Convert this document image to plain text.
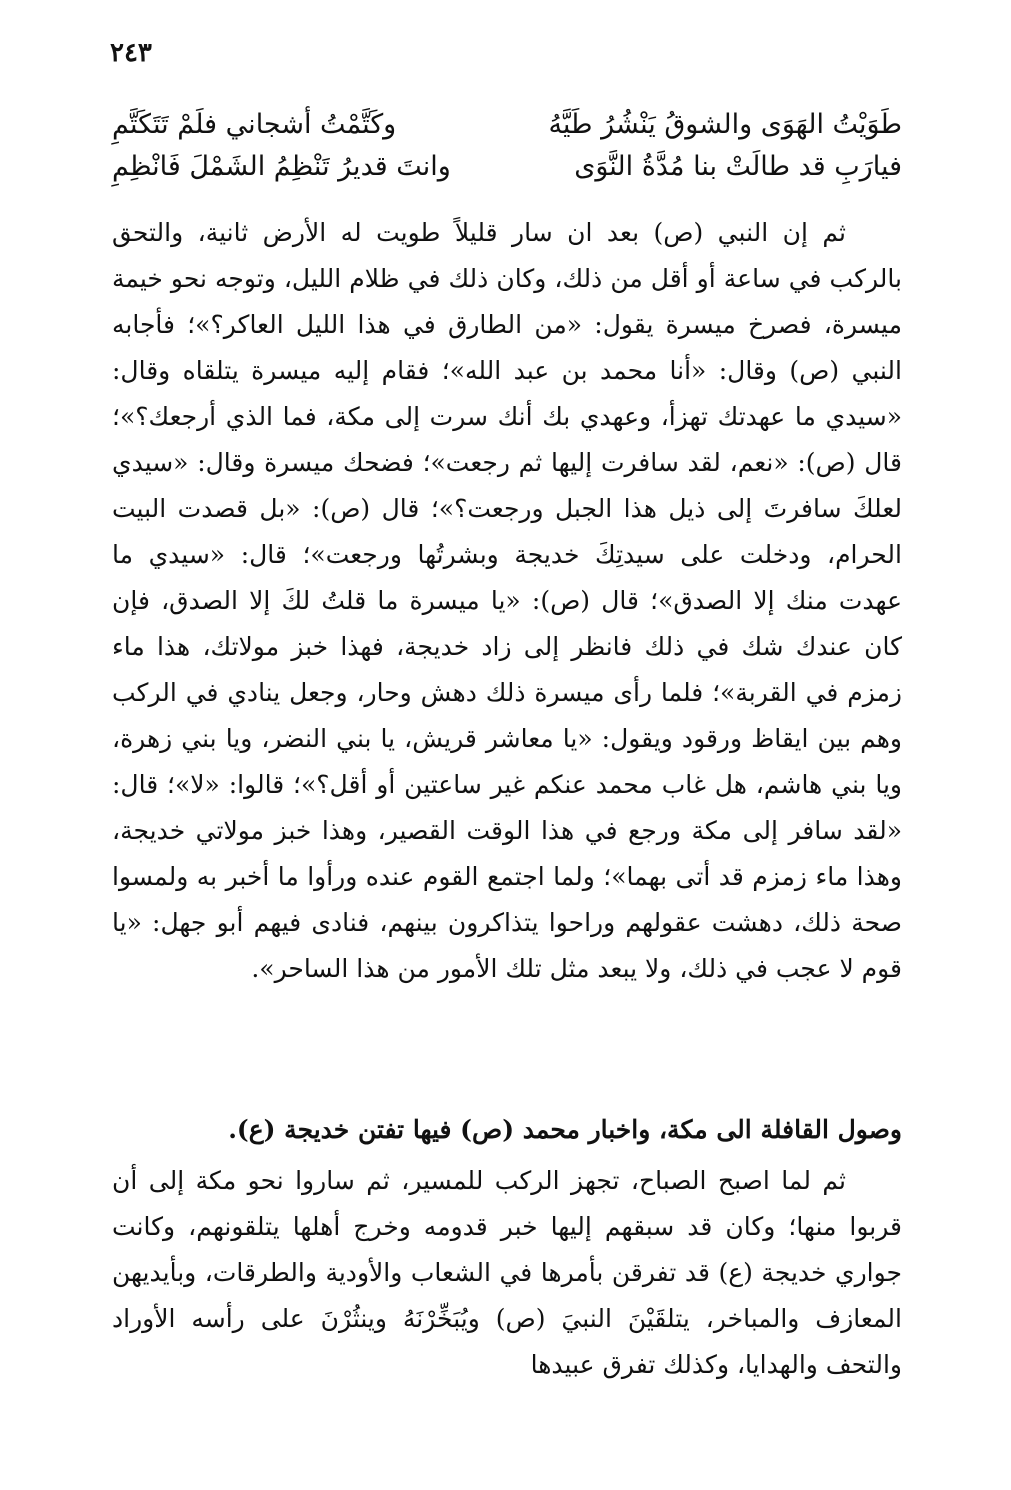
٢٤٣
طَوَيْتُ الهَوَى والشوقُ يَنْشُرُ طَيَّهُ
وكَتَّمْتُ أشجاني فلَمْ تَتَكَتَّمِ
فيارَبِ قد طالَتْ بنا مُدَّةُ النَّوَى
وانتَ قديرُ تَنْظِمُ الشَمْلَ فَانْظِمِ

ثم إن النبي (ص) بعد ان سار قليلاً طويت له الأرض ثانية، والتحق بالركب في ساعة أو أقل من ذلك، وكان ذلك في ظلام الليل، وتوجه نحو خيمة ميسرة، فصرخ ميسرة يقول: «من الطارق في هذا الليل العاكر؟»؛ فأجابه النبي (ص) وقال: «أنا محمد بن عبد الله»؛ فقام إليه ميسرة يتلقاه وقال: «سيدي ما عهدتك تهزأ، وعهدي بك أنك سرت إلى مكة، فما الذي أرجعك؟»؛ قال (ص): «نعم، لقد سافرت إليها ثم رجعت»؛ فضحك ميسرة وقال: «سيدي لعلكَ سافرتَ إلى ذيل هذا الجبل ورجعت؟»؛ قال (ص): «بل قصدت البيت الحرام، ودخلت على سيدتِكَ خديجة وبشرتُها ورجعت»؛ قال: «سيدي ما عهدت منك إلا الصدق»؛ قال (ص): «يا ميسرة ما قلتُ لكَ إلا الصدق، فإن كان عندك شك في ذلك فانظر إلى زاد خديجة، فهذا خبز مولاتك، هذا ماء زمزم في القربة»؛ فلما رأى ميسرة ذلك دهش وحار، وجعل ينادي في الركب وهم بين ايقاظ ورقود ويقول: «يا معاشر قريش، يا بني النضر، ويا بني زهرة، ويا بني هاشم، هل غاب محمد عنكم غير ساعتين أو أقل؟»؛ قالوا: «لا»؛ قال: «لقد سافر إلى مكة ورجع في هذا الوقت القصير، وهذا خبز مولاتي خديجة، وهذا ماء زمزم قد أتى بهما»؛ ولما اجتمع القوم عنده ورأوا ما أخبر به ولمسوا صحة ذلك، دهشت عقولهم وراحوا يتذاكرون بينهم، فنادى فيهم أبو جهل: «يا قوم لا عجب في ذلك، ولا يبعد مثل تلك الأمور من هذا الساحر».

وصول القافلة الى مكة، واخبار محمد (ص) فيها تفتن خديجة (ع).

ثم لما اصبح الصباح، تجهز الركب للمسير، ثم ساروا نحو مكة إلى أن قربوا منها؛ وكان قد سبقهم إليها خبر قدومه وخرج أهلها يتلقونهم، وكانت جواري خديجة (ع) قد تفرقن بأمرها في الشعاب والأودية والطرقات، وبأيديهن المعازف والمباخر، يتلقَيْنَ النبيَ (ص) ويُبَخِّرْنَهُ وينثُرْنَ على رأسه الأوراد والتحف والهدايا، وكذلك تفرق عبيدها
